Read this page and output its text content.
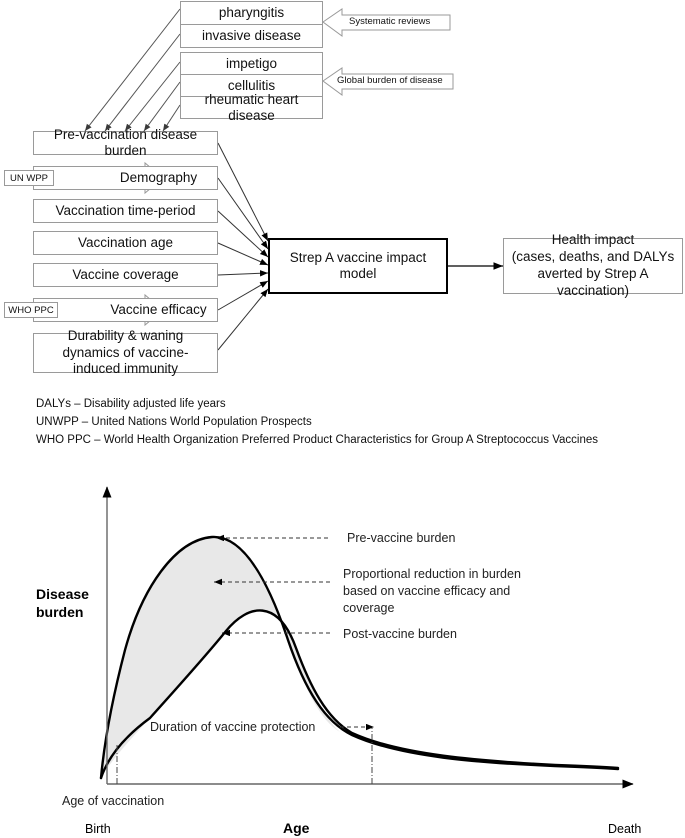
pharyngitis
invasive disease
impetigo
cellulitis
rheumatic heart disease
Systematic reviews
Global burden of disease
Pre-vaccination disease burden
Demography
UN WPP
Vaccination time-period
Vaccination age
Vaccine coverage
Vaccine efficacy
WHO PPC
Durability & waning dynamics of vaccine-induced immunity
Strep A vaccine impact model
Health impact
(cases, deaths, and DALYs
averted by Strep A vaccination)
DALYs – Disability adjusted life years
UNWPP – United Nations World Population Prospects
WHO PPC – World Health Organization Preferred Product Characteristics for Group A Streptococcus Vaccines
Disease
burden
Pre-vaccine burden
Proportional reduction in burden based on vaccine efficacy and coverage
Post-vaccine burden
Duration of vaccine protection
Age of vaccination
Birth	Age	Death
